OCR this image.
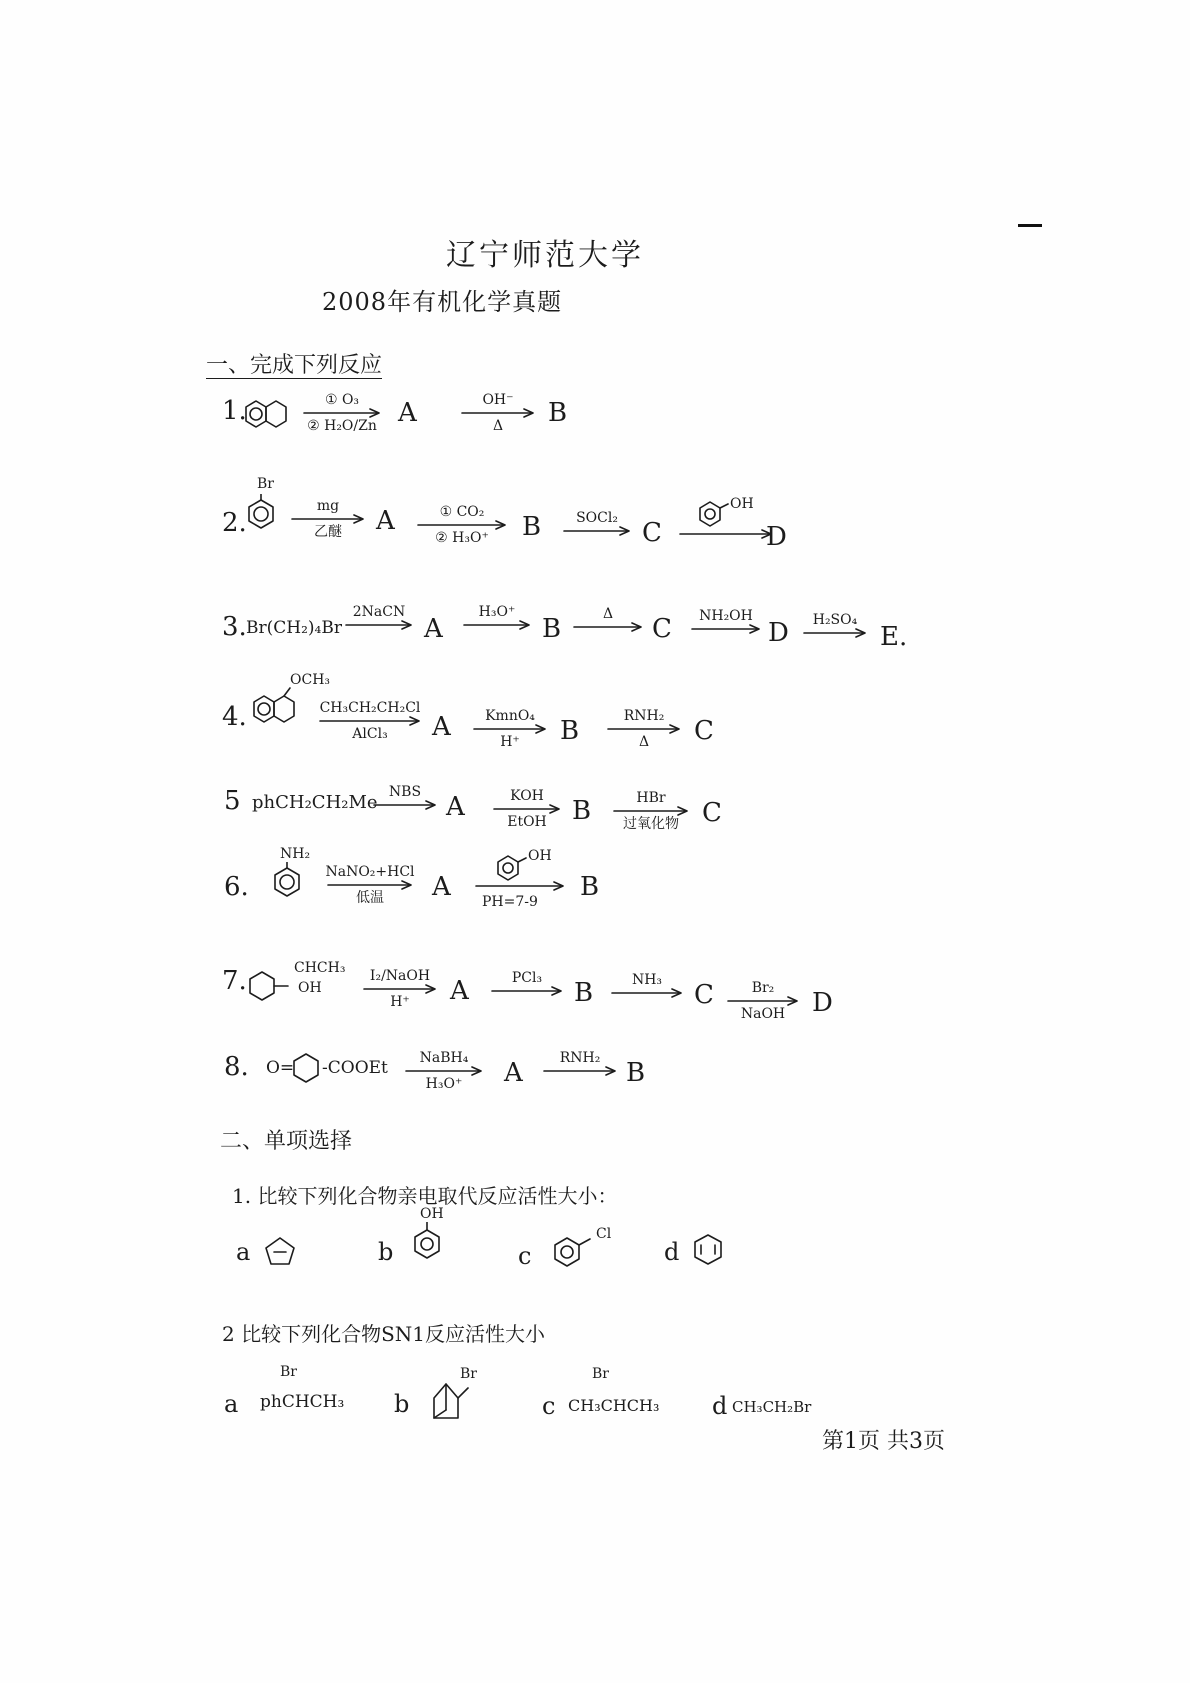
辽宁师范大学
2008年有机化学真题
一、完成下列反应
1.	① O₃
② H₂O/Zn A	OH⁻
Δ B
2.
Br
mg
乙醚 A	① CO₂
② H₃O⁺ B SOCl₂ C
OH
D
3. Br(CH₂)₄Br
2NaCN
A
H₃O⁺
B	Δ C NH₂OH
D H₂SO₄
E.
4.
OCH₃
CH₃CH₂CH₂Cl
AlCl₃ A KmnO₄
H⁺ B	RNH₂
Δ C
5 phCH₂CH₂Me NBS A	KOH
EtOH B	HBr
过氧化物 C
6.
NH₂
NaNO₂+HCl
低温 A
OH
PH=7-9 B
7.	CHCH₃
OH
I₂/NaOH
H⁺ A	PCl₃ B	NH₃ C	Br₂
NaOH D
8. O= -COOEt NaBH₄
H₃O⁺ A	RNH₂ B
二、单项选择
1. 比较下列化合物亲电取代反应活性大小：
a	b
OH
c
Cl
d
2 比较下列化合物SN1反应活性大小
a
Br
phCHCH₃ b
Br
c
Br
CH₃CHCH₃ d CH₃CH₂Br
第1页 共3页
